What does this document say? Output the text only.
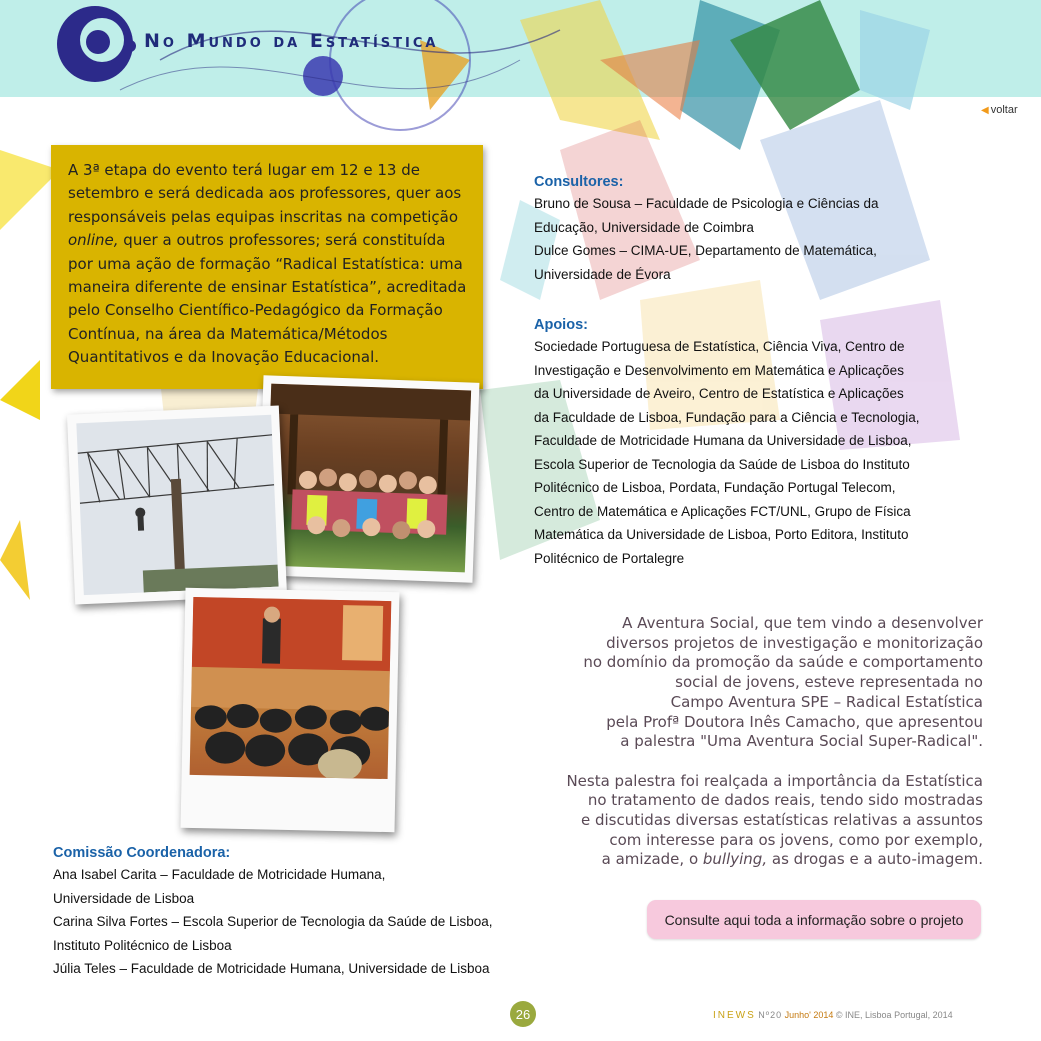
No Mundo da Estatística
◀ voltar
A 3ª etapa do evento terá lugar em 12 e 13 de setembro e será dedicada aos professores, quer aos responsáveis pelas equipas inscritas na competição online, quer a outros professores; será constituída por uma ação de formação “Radical Estatística: uma maneira diferente de ensinar Estatística”, acreditada pelo Conselho Científico-Pedagógico da Formação Contínua, na área da Matemática/Métodos Quantitativos e da Inovação Educacional.
Consultores:
Bruno de Sousa – Faculdade de Psicologia e Ciências da
Educação, Universidade de Coimbra
Dulce Gomes – CIMA-UE, Departamento de Matemática,
Universidade de Évora
Apoios:
Sociedade Portuguesa de Estatística, Ciência Viva, Centro de
Investigação e Desenvolvimento em Matemática e Aplicações
da Universidade de Aveiro, Centro de Estatística e Aplicações
da Faculdade de Lisboa, Fundação para a Ciência e Tecnologia,
Faculdade de Motricidade Humana da Universidade de Lisboa,
Escola Superior de Tecnologia da Saúde de Lisboa do Instituto
Politécnico de Lisboa, Pordata, Fundação Portugal Telecom,
Centro de Matemática e Aplicações FCT/UNL, Grupo de Física
Matemática da Universidade de Lisboa, Porto Editora, Instituto
Politécnico de Portalegre
A Aventura Social, que tem vindo a desenvolver
diversos projetos de investigação e monitorização
no domínio da promoção da saúde e comportamento
social de jovens, esteve representada no
Campo Aventura SPE – Radical Estatística
pela Profª Doutora Inês Camacho, que apresentou
a palestra "Uma Aventura Social Super-Radical".
Nesta palestra foi realçada a importância da Estatística
no tratamento de dados reais, tendo sido mostradas
e discutidas diversas estatísticas relativas a assuntos
com interesse para os jovens, como por exemplo,
a amizade, o bullying, as drogas e a auto-imagem.
Consulte aqui toda a informação sobre o projeto
Comissão Coordenadora:
Ana Isabel Carita – Faculdade de Motricidade Humana,
Universidade de Lisboa
Carina Silva Fortes – Escola Superior de Tecnologia da Saúde de Lisboa,
Instituto Politécnico de Lisboa
Júlia Teles – Faculdade de Motricidade Humana, Universidade de Lisboa
26	INEWS Nº20 Junho' 2014 © INE, Lisboa Portugal, 2014
